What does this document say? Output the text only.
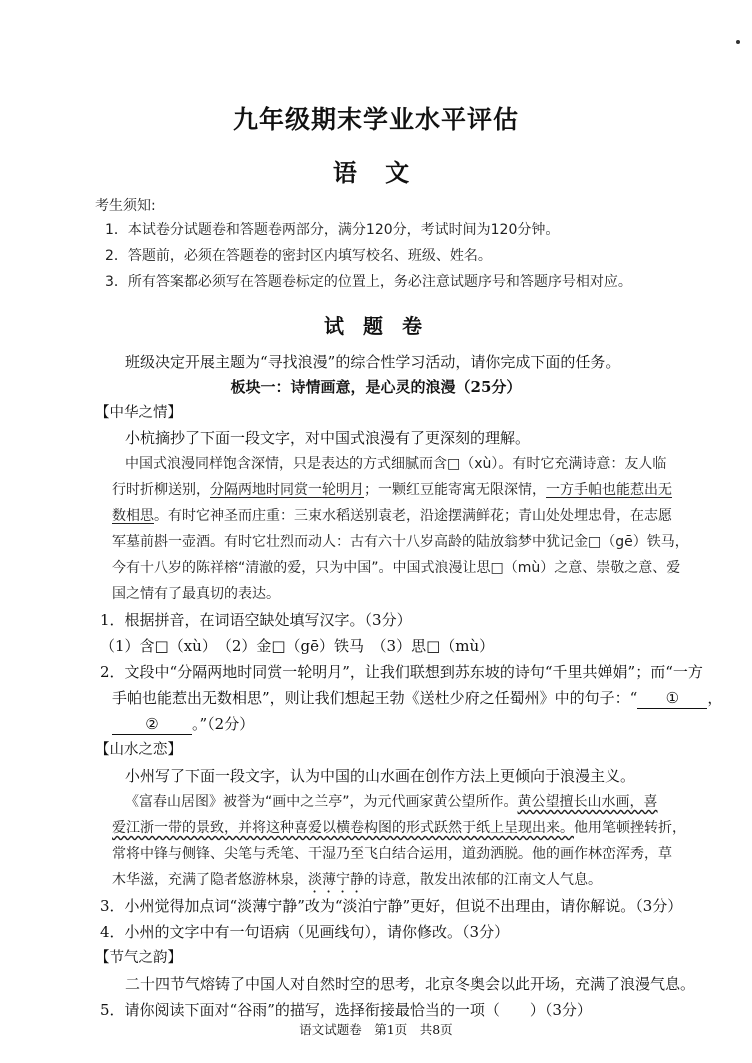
九年级期末学业水平评估
语 文
考生须知:
1．本试卷分试题卷和答题卷两部分，满分120分，考试时间为120分钟。
2．答题前，必须在答题卷的密封区内填写校名、班级、姓名。
3．所有答案都必须写在答题卷标定的位置上，务必注意试题序号和答题序号相对应。
试 题 卷
班级决定开展主题为“寻找浪漫”的综合性学习活动，请你完成下面的任务。
板块一：诗情画意，是心灵的浪漫（25分）
【中华之情】
小杭摘抄了下面一段文字，对中国式浪漫有了更深刻的理解。
中国式浪漫同样饱含深情，只是表达的方式细腻而含□（xù）。有时它充满诗意：友人临
行时折柳送别，分隔两地时同赏一轮明月；一颗红豆能寄寓无限深情，一方手帕也能惹出无
数相思。有时它神圣而庄重：三束水稻送别袁老，沿途摆满鲜花；青山处处埋忠骨，在志愿
军墓前斟一壶酒。有时它壮烈而动人：古有六十八岁高龄的陆放翁梦中犹记金□（gē）铁马，
今有十八岁的陈祥榕“清澈的爱，只为中国”。中国式浪漫让思□（mù）之意、崇敬之意、爱
国之情有了最真切的表达。
1．根据拼音，在词语空缺处填写汉字。（3分）
（1）含□（xù）　（2）金□（gē）铁马　（3）思□（mù）
2．文段中“分隔两地时同赏一轮明月”，让我们联想到苏东坡的诗句“千里共婵娟”；而“一方
手帕也能惹出无数相思”，则让我们想起王勃《送杜少府之任蜀州》中的句子：“ ① ，
② 。”（2分）
【山水之恋】
小州写了下面一段文字，认为中国的山水画在创作方法上更倾向于浪漫主义。
《富春山居图》被誉为“画中之兰亭”，为元代画家黄公望所作。黄公望擅长山水画，喜
爱江浙一带的景致，并将这种喜爱以横卷构图的形式跃然于纸上呈现出来。他用笔顿挫转折，
常将中锋与侧锋、尖笔与秃笔、干湿乃至飞白结合运用，道劲洒脱。他的画作林峦浑秀，草
木华滋，充满了隐者悠游林泉，淡薄宁静的诗意，散发出浓郁的江南文人气息。
3．小州觉得加点词“淡薄宁静”改为“淡泊宁静”更好，但说不出理由，请你解说。（3分）
4．小州的文字中有一句语病（见画线句），请你修改。（3分）
【节气之韵】
二十四节气熔铸了中国人对自然时空的思考，北京冬奥会以此开场，充满了浪漫气息。
5．请你阅读下面对“谷雨”的描写，选择衔接最恰当的一项（　　）（3分）
语文试题卷　第1页　共8页
